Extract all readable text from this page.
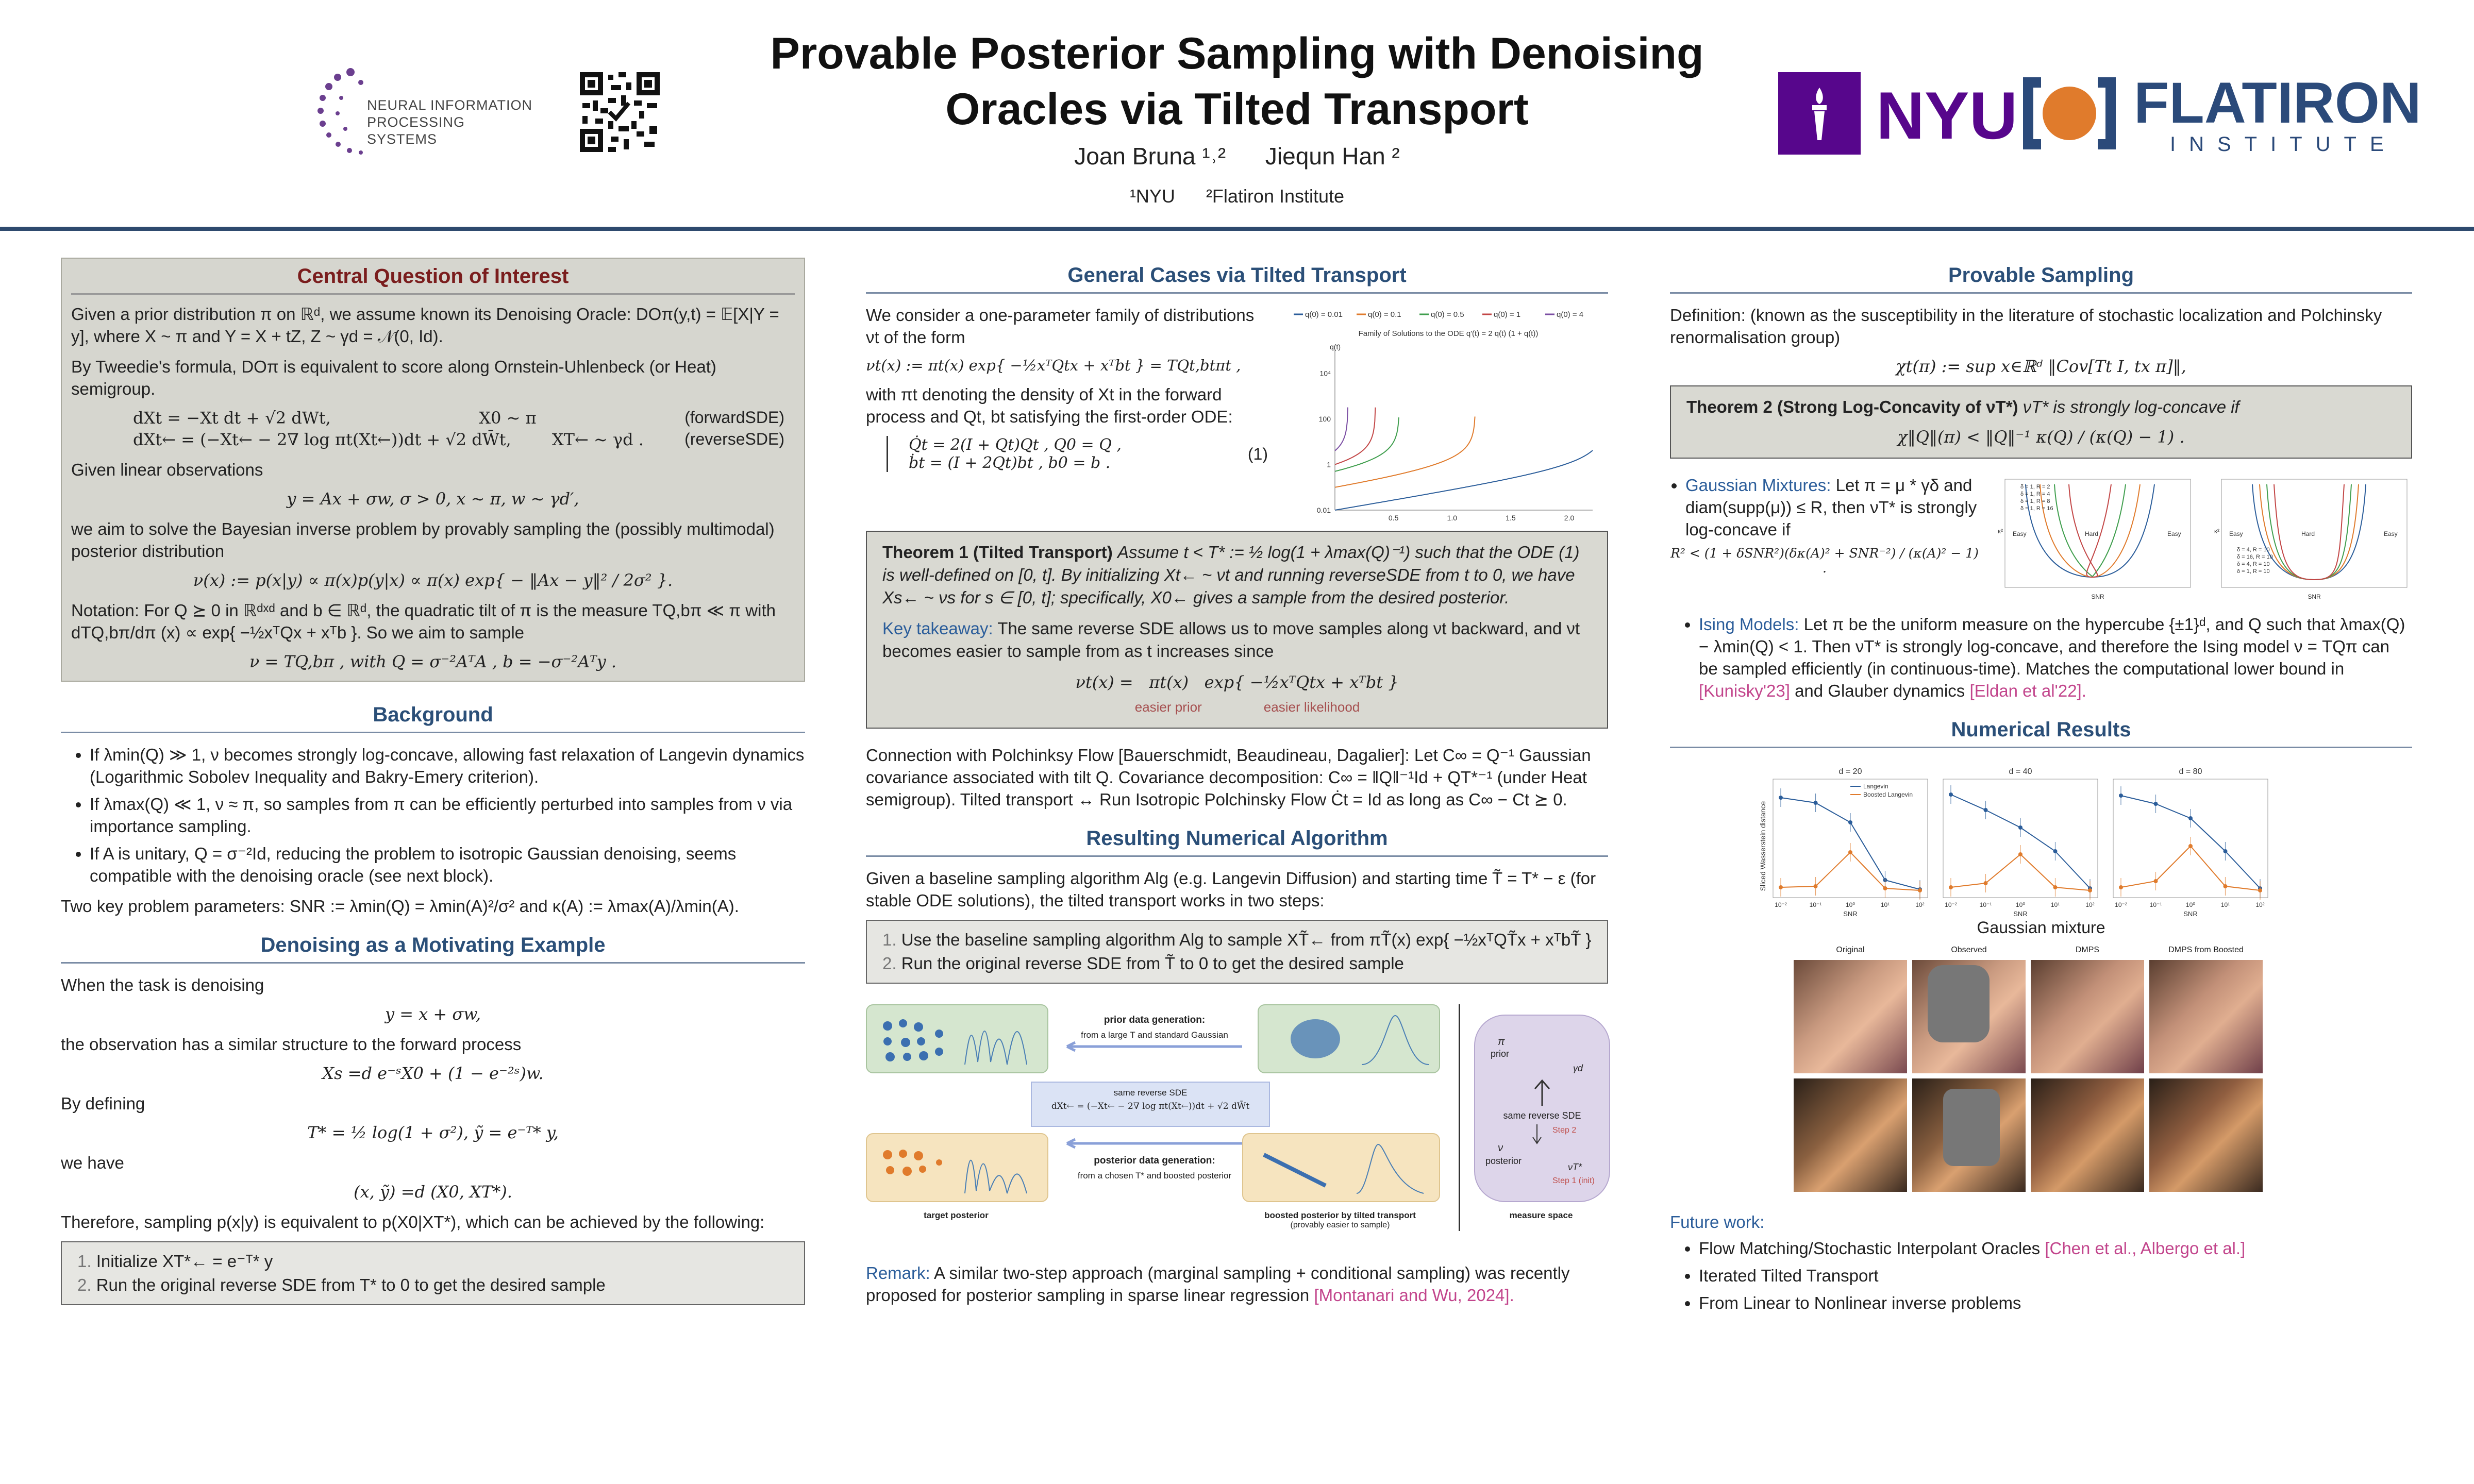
NEURAL INFORMATION PROCESSING SYSTEMS
Provable Posterior Sampling with Denoising
Oracles via Tilted Transport
Joan Bruna ¹˒²      Jiequn Han ²
¹NYU      ²Flatiron Institute
NYU FLATIRON
INSTITUTE
Central Question of Interest

Given a prior distribution π on ℝᵈ, we assume known its Denoising Oracle: DOπ(y,t) = 𝔼[X|Y = y], where X ~ π and Y = X + tZ, Z ~ γd = 𝒩(0, Id).

By Tweedie's formula, DOπ is equivalent to score along Ornstein-Uhlenbeck (or Heat) semigroup.

dXt = −Xt dt + √2 dWt,	X0 ~ π	(forwardSDE)
dXt← = (−Xt← − 2∇ log πt(Xt←))dt + √2 dW̄t, XT← ~ γd . (reverseSDE)

Given linear observations

y = Ax + σw, σ > 0, x ~ π, w ~ γd′,

we aim to solve the Bayesian inverse problem by provably sampling the (possibly multimodal) posterior distribution

ν(x) := p(x|y) ∝ π(x)p(y|x) ∝ π(x) exp{ − ‖Ax − y‖² / 2σ² }.

Notation: For Q ⪰ 0 in ℝᵈˣᵈ and b ∈ ℝᵈ, the quadratic tilt of π is the measure TQ,bπ ≪ π with dTQ,bπ/dπ (x) ∝ exp{ −½xᵀQx + xᵀb }. So we aim to sample

ν = TQ,bπ , with Q = σ⁻²AᵀA , b = −σ⁻²Aᵀy .
Background
• If λmin(Q) ≫ 1, ν becomes strongly log-concave, allowing fast relaxation of Langevin dynamics (Logarithmic Sobolev Inequality and Bakry-Emery criterion).
• If λmax(Q) ≪ 1, ν ≈ π, so samples from π can be efficiently perturbed into samples from ν via importance sampling.
• If A is unitary, Q = σ⁻²Id, reducing the problem to isotropic Gaussian denoising, seems compatible with the denoising oracle (see next block).

Two key problem parameters: SNR := λmin(Q) = λmin(A)²/σ² and κ(A) := λmax(A)/λmin(A).

Denoising as a Motivating Example

When the task is denoising

y = x + σw,

the observation has a similar structure to the forward process

Xs =d e⁻ˢX0 + (1 − e⁻²ˢ)w.

By defining

T* = ½ log(1 + σ²), ỹ = e⁻ᵀ* y,

we have

(x, ỹ) =d (X0, XT*).

Therefore, sampling p(x|y) is equivalent to p(X0|XT*), which can be achieved by the following:

1. Initialize XT*← = e⁻ᵀ* y
2. Run the original reverse SDE from T* to 0 to get the desired sample
General Cases via Tilted Transport

We consider a one-parameter family of distributions νt of the form

νt(x) := πt(x) exp{ −½xᵀQtx + xᵀbt } = TQt,btπt ,

with πt denoting the density of Xt in the forward process and Qt, bt satisfying the first-order ODE:

Q̇t = 2(I + Qt)Qt , Q0 = Q ,
ḃt = (I + 2Qt)bt , b0 = b .	(1)
q(0) = 0.01	q(0) = 0.1	q(0) = 0.5	q(0) = 1	q(0) = 4
Family of Solutions to the ODE q'(t) = 2 q(t) (1 + q(t))
q(t)
10⁴
100
1
0.01
0.5	1.0	1.5	2.0
Theorem 1 (Tilted Transport) Assume t < T* := ½ log(1 + λmax(Q)⁻¹) such that the ODE (1) is well-defined on [0, t]. By initializing Xt← ~ νt and running reverseSDE from t to 0, we have Xs← ~ νs for s ∈ [0, t]; specifically, X0← gives a sample from the desired posterior.
Key takeaway: The same reverse SDE allows us to move samples along νt backward, and νt becomes easier to sample from as t increases since
νt(x) =   πt(x)   exp{ −½xᵀQtx + xᵀbt }
easier prior	easier likelihood

Connection with Polchinksy Flow [Bauerschmidt, Beaudineau, Dagalier]: Let C∞ = Q⁻¹ Gaussian covariance associated with tilt Q. Covariance decomposition: C∞ = ‖Q‖⁻¹Id + QT*⁻¹ (under Heat semigroup). Tilted transport ↔ Run Isotropic Polchinsky Flow Ċt = Id as long as C∞ − Ct ⪰ 0.

Resulting Numerical Algorithm

Given a baseline sampling algorithm Alg (e.g. Langevin Diffusion) and starting time T̃ = T* − ε (for stable ODE solutions), the tilted transport works in two steps:

1. Use the baseline sampling algorithm Alg to sample XT̃← from πT̃(x) exp{ −½xᵀQT̃x + xᵀbT̃ }
2. Run the original reverse SDE from T̃ to 0 to get the desired sample
prior data generation:
from a large T and standard Gaussian
same reverse SDE
dXt← = (−Xt← − 2∇ log πt(Xt←))dt + √2 dW̄t
posterior data generation:
from a chosen T* and boosted posterior
target posterior	boosted posterior by tilted transport
(provably easier to sample)
π
prior
γd
same reverse SDE
Step 2
ν
posterior
νT*
Step 1 (init)
measure space

Remark: A similar two-step approach (marginal sampling + conditional sampling) was recently proposed for posterior sampling in sparse linear regression [Montanari and Wu, 2024].

Provable Sampling

Definition: (known as the susceptibility in the literature of stochastic localization and Polchinsky renormalisation group)

χt(π) := sup x∈ℝᵈ ‖Cov[Tt I, tx π]‖,
Theorem 2 (Strong Log-Concavity of νT*) νT* is strongly log-concave if
χ‖Q‖(π) < ‖Q‖⁻¹ κ(Q) / (κ(Q) − 1) .
• Gaussian Mixtures: Let π = μ * γδ and diam(supp(μ)) ≤ R, then νT* is strongly log-concave if
R² < (1 + δSNR²)(δκ(A)² + SNR⁻²) / (κ(A)² − 1) .
δ = 1, R = 2
δ = 1, R = 4
δ = 1, R = 8
δ = 1, R = 16
Easy	Hard	Easy
SNR
κ²
δ = 4, R = 10
δ = 16, R = 10
δ = 4, R = 10
δ = 1, R = 10
Easy	Hard	Easy
SNR
κ²
• Ising Models: Let π be the uniform measure on the hypercube {±1}ᵈ, and Q such that λmax(Q) − λmin(Q) < 1. Then νT* is strongly log-concave, and therefore the Ising model ν = TQπ can be sampled efficiently (in continuous-time). Matches the computational lower bound in [Kunisky'23] and Glauber dynamics [Eldan et al'22].
Numerical Results
Sliced Wasserstein distance
d = 20
10⁻²	10⁻¹	10⁰	10¹	10²
SNR
Langevin
Boosted Langevin
d = 40
10⁻²	10⁻¹	10⁰	10¹	10²
SNR
d = 80
10⁻²	10⁻¹	10⁰	10¹	10²
SNR
Gaussian mixture
Original	Observed	DMPS	DMPS from Boosted
Future work:
• Flow Matching/Stochastic Interpolant Oracles [Chen et al., Albergo et al.]
• Iterated Tilted Transport
• From Linear to Nonlinear inverse problems
